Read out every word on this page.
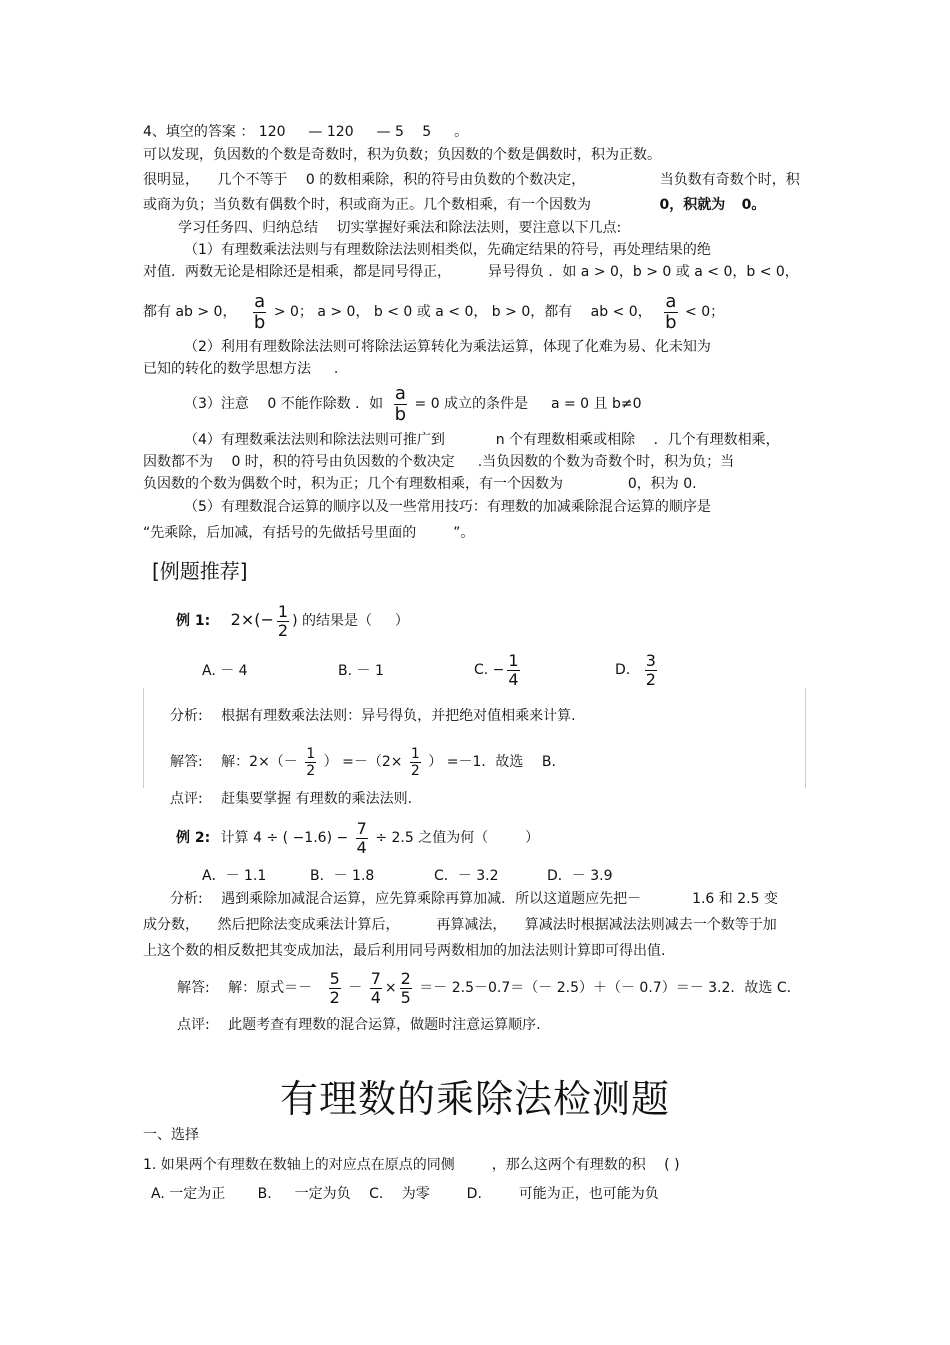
4、填空的答案 ： 120 　 — 120 　 — 5 　5 　 。
可以发现，负因数的个数是奇数时，积为负数；负因数的个数是偶数时，积为正数。
很明显， 　几个不等于 　0 的数相乘除，积的符号由负数的个数决定， 　　　　　当负数有奇数个时，积
或商为负；当负数有偶数个时，积或商为正。几个数相乘，有一个因数为	0，积就为 0。
学习任务四、归纳总结 　切实掌握好乘法和除法法则，要注意以下几点:
（1）有理数乘法法则与有理数除法法则相类似，先确定结果的符号，再处理结果的绝
对值．两数无论是相除还是相乘，都是同号得正， 　　 异号得负 ．如 a > 0，b > 0 或 a < 0，b < 0，
都有 ab > 0， $\frac{a}{b} > 0$； a > 0， b < 0 或 a < 0， b > 0，都有 　ab < 0， $\frac{a}{b} < 0$；
（2）利用有理数除法法则可将除法运算转化为乘法运算，体现了化难为易、化未知为
已知的转化的数学思想方法 　 .
（3）注意 　0 不能作除数 ．如 $\frac{a}{b} = 0$ 成立的条件是 　 a = 0 且 b≠0
（4）有理数乘法法则和除法法则可推广到 　　　 n 个有理数相乘或相除 　．几个有理数相乘，
因数都不为 　0 时，积的符号由负因数的个数决定 　 .当负因数的个数为奇数个时，积为负；当
负因数的个数为偶数个时，积为正；几个有理数相乘，有一个因数为 　　　　 0，积为 0.
（5）有理数混合运算的顺序以及一些常用技巧：有理数的加减乘除混合运算的顺序是
“先乘除，后加减，有括号的先做括号里面的 　　 ”。
[例题推荐]
例 1: $2\times(- \frac{1}{2}$ ) 的结果是（ 　 ）
A. － 4	B. － 1	C. − $\frac{1}{4}$	D. $\frac{3}{2}$
分析: 　根据有理数乘法法则：异号得负，并把绝对值相乘来计算.
解答: 　解：$2\times(- \frac{1}{2}$ ） $=-(2\times \frac{1}{2}$ ） =－1．故选 　B.
点评: 　赶集要掌握 有理数的乘法法则.
例 2: 计算 4 ÷ ( $-1.6) - \frac{7}{4} \div 2.5$ 之值为何（ 　　 ）
A．－ 1.1	B．－ 1.8	C．－ 3.2	D．－ 3.9
分析: 　遇到乘除加减混合运算，应先算乘除再算加减．所以这道题应先把－ 　　　 1.6 和 2.5 变
成分数， 　然后把除法变成乘法计算后， 　　 再算减法， 　算减法时根据减法法则减去一个数等于加
上这个数的相反数把其变成加法，最后利用同号两数相加的加法法则计算即可得出值.
解答: 　解：原式＝－ $\frac{5}{2} - \frac{7}{4} \times \frac{2}{5} =- 2.5-0.7=(- 2.5)+(- 0.7)=- 3.2$．故选 C.
点评: 　此题考查有理数的混合运算，做题时注意运算顺序.
有理数的乘除法检测题
一、选择
1. 如果两个有理数在数轴上的对应点在原点的同侧 　　 ，那么这两个有理数的积 　( )
A. 一定为正 　　B. 　 一定为负 　C. 　为零 　　 D. 　　 可能为正，也可能为负
